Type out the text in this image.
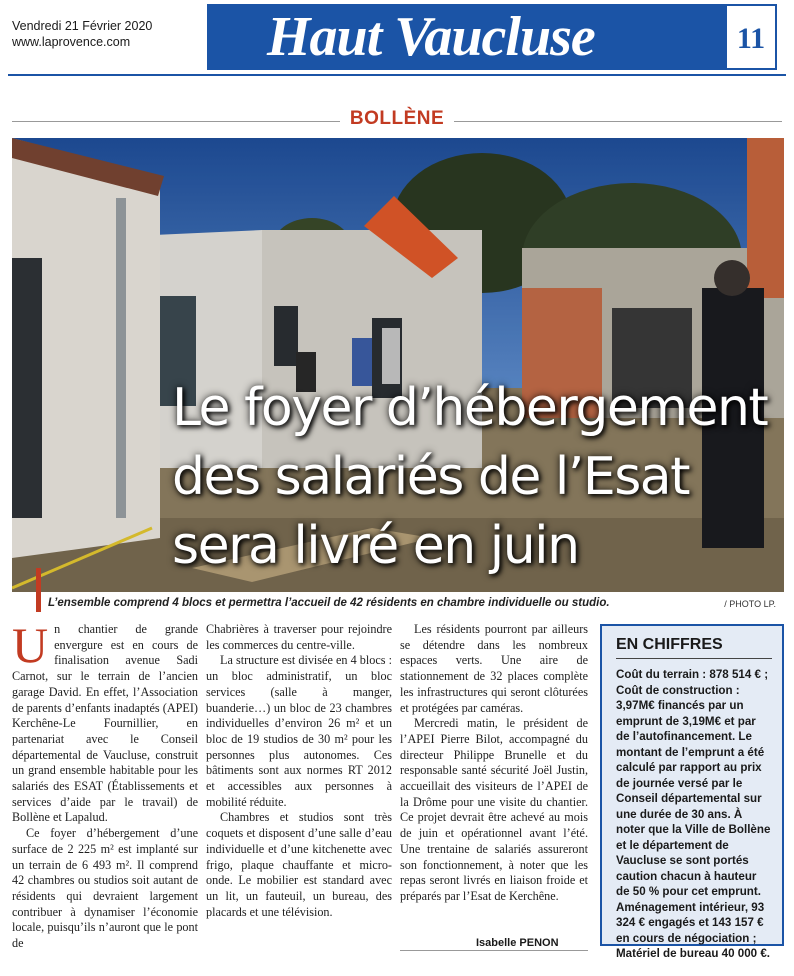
Vendredi 21 Février 2020
www.laprovence.com	Haut Vaucluse	11
BOLLÈNE
Le foyer d’hébergement
des salariés de l’Esat
sera livré en juin
L’ensemble comprend 4 blocs et permettra l’accueil de 42 résidents en chambre individuelle ou studio.	/ PHOTO LP.

Un chantier de grande envergure est en cours de finalisation avenue Sadi Carnot, sur le terrain de l’ancien garage David. En effet, l’Association de parents d’enfants inadaptés (APEI) Kerchêne-Le Fournillier, en partenariat avec le Conseil départemental de Vaucluse, construit un grand ensemble habitable pour les salariés des ESAT (Établissements et services d’aide par le travail) de Bollène et Lapalud.

Ce foyer d’hébergement d’une surface de 2 225 m² est implanté sur un terrain de 6 493 m². Il comprend 42 chambres ou studios soit autant de résidents qui devraient largement contribuer à dynamiser l’économie locale, puisqu’ils n’auront que le pont de

Chabrières à traverser pour rejoindre les commerces du centre-ville.

La structure est divisée en 4 blocs : un bloc administratif, un bloc services (salle à manger, buanderie…) un bloc de 23 chambres individuelles d’environ 26 m² et un bloc de 19 studios de 30 m² pour les personnes plus autonomes. Ces bâtiments sont aux normes RT 2012 et accessibles aux personnes à mobilité réduite.

Chambres et studios sont très coquets et disposent d’une salle d’eau individuelle et d’une kitchenette avec frigo, plaque chauffante et micro-onde. Le mobilier est standard avec un lit, un fauteuil, un bureau, des placards et une télévision.

Les résidents pourront par ailleurs se détendre dans les nombreux espaces verts. Une aire de stationnement de 32 places complète les infrastructures qui seront clôturées et protégées par caméras.

Mercredi matin, le président de l’APEI Pierre Bilot, accompagné du directeur Philippe Brunelle et du responsable santé sécurité Joël Justin, accueillait des visiteurs de l’APEI de la Drôme pour une visite du chantier. Ce projet devrait être achevé au mois de juin et opérationnel avant l’été. Une trentaine de salariés assureront son fonctionnement, à noter que les repas seront livrés en liaison froide et préparés par l’Esat de Kerchêne.

Isabelle PENON
EN CHIFFRES
Coût du terrain : 878 514 € ; Coût de construction : 3,97M€ financés par un emprunt de 3,19M€ et par de l’autofinancement. Le montant de l’emprunt a été calculé par rapport au prix de journée versé par le Conseil départemental sur une durée de 30 ans. À noter que la Ville de Bollène et le département de Vaucluse se sont portés caution chacun à hauteur de 50 % pour cet emprunt. Aménagement intérieur, 93 324 € engagés et 143 157 € en cours de négociation ; Matériel de bureau 40 000 €.
